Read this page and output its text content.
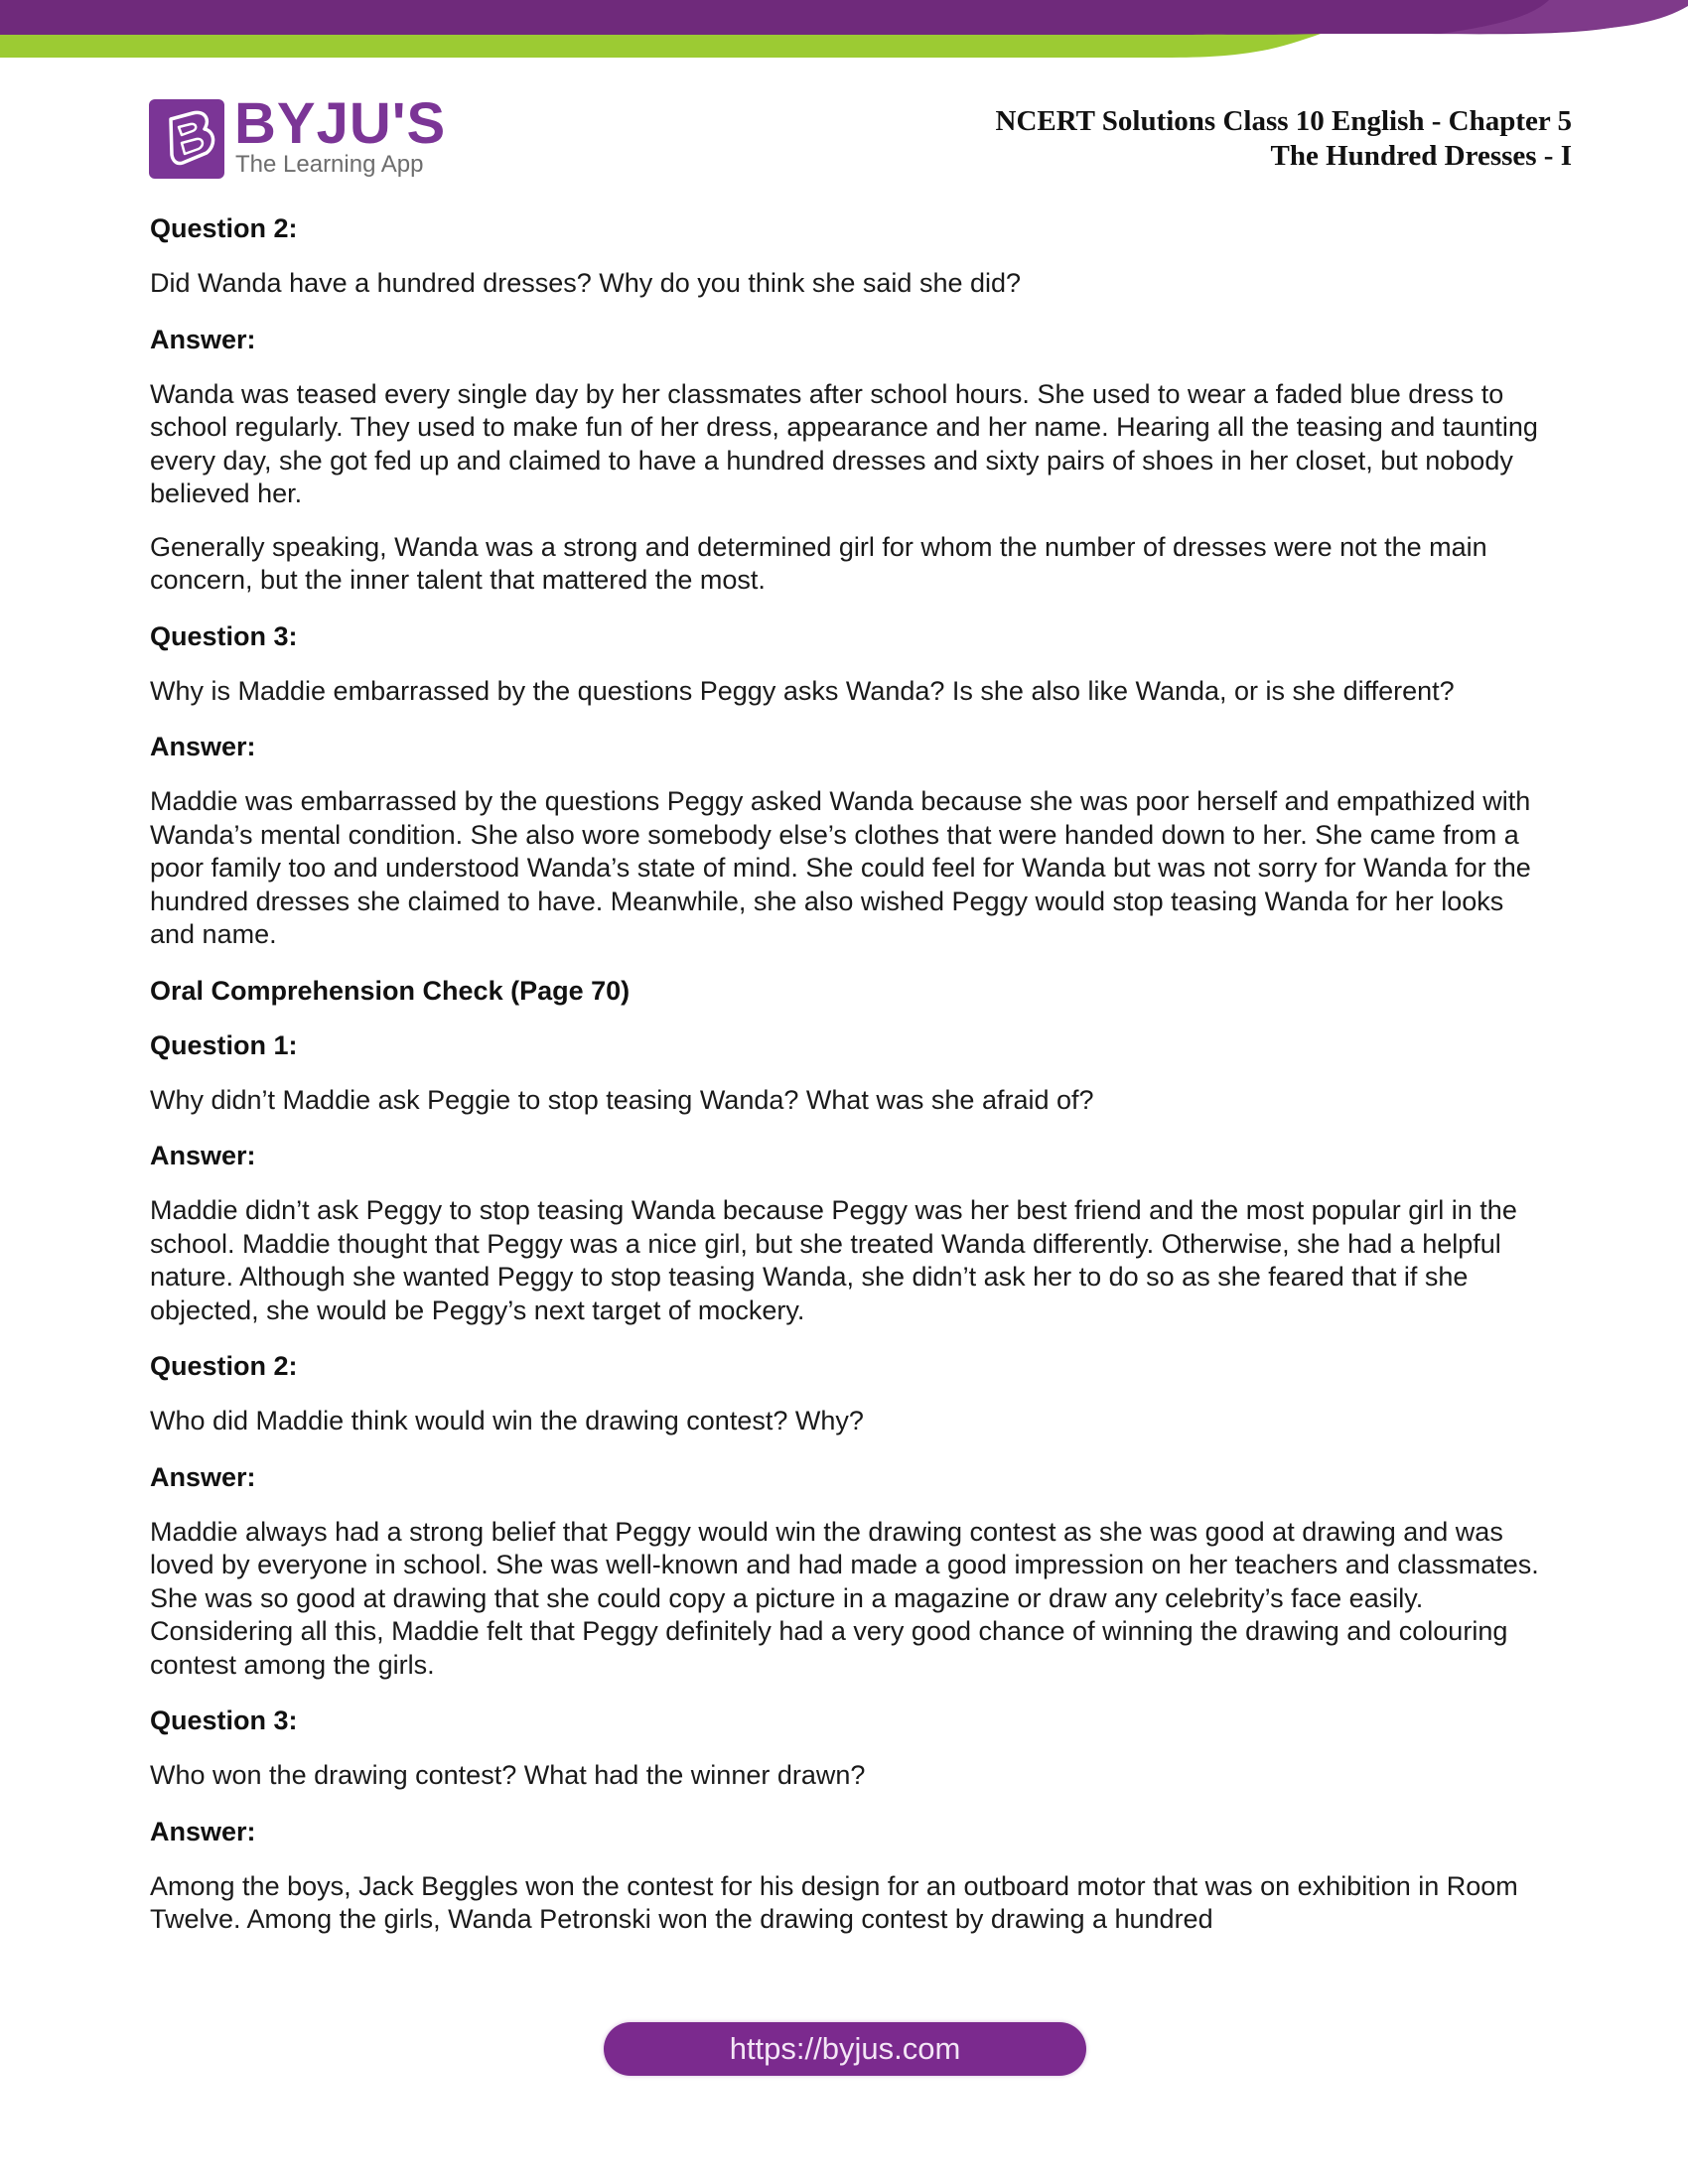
BYJU'S
The Learning App
NCERT Solutions Class 10 English - Chapter 5
The Hundred Dresses - I
Question 2:
Did Wanda have a hundred dresses? Why do you think she said she did?
Answer:
Wanda was teased every single day by her classmates after school hours. She used to wear a faded blue dress to school regularly. They used to make fun of her dress, appearance and her name. Hearing all the teasing and taunting every day, she got fed up and claimed to have a hundred dresses and sixty pairs of shoes in her closet, but nobody believed her.
Generally speaking, Wanda was a strong and determined girl for whom the number of dresses were not the main concern, but the inner talent that mattered the most.
Question 3:
Why is Maddie embarrassed by the questions Peggy asks Wanda? Is she also like Wanda, or is she different?
Answer:
Maddie was embarrassed by the questions Peggy asked Wanda because she was poor herself and empathized with Wanda’s mental condition. She also wore somebody else’s clothes that were handed down to her. She came from a poor family too and understood Wanda’s state of mind. She could feel for Wanda but was not sorry for Wanda for the hundred dresses she claimed to have. Meanwhile, she also wished Peggy would stop teasing Wanda for her looks and name.
Oral Comprehension Check (Page 70)
Question 1:
Why didn’t Maddie ask Peggie to stop teasing Wanda? What was she afraid of?
Answer:
Maddie didn’t ask Peggy to stop teasing Wanda because Peggy was her best friend and the most popular girl in the school. Maddie thought that Peggy was a nice girl, but she treated Wanda differently. Otherwise, she had a helpful nature. Although she wanted Peggy to stop teasing Wanda, she didn’t ask her to do so as she feared that if she objected, she would be Peggy’s next target of mockery.
Question 2:
Who did Maddie think would win the drawing contest? Why?
Answer:
Maddie always had a strong belief that Peggy would win the drawing contest as she was good at drawing and was loved by everyone in school. She was well-known and had made a good impression on her teachers and classmates. She was so good at drawing that she could copy a picture in a magazine or draw any celebrity’s face easily. Considering all this, Maddie felt that Peggy definitely had a very good chance of winning the drawing and colouring contest among the girls.
Question 3:
Who won the drawing contest? What had the winner drawn?
Answer:
Among the boys, Jack Beggles won the contest for his design for an outboard motor that was on exhibition in Room Twelve. Among the girls, Wanda Petronski won the drawing contest by drawing a hundred
https://byjus.com
